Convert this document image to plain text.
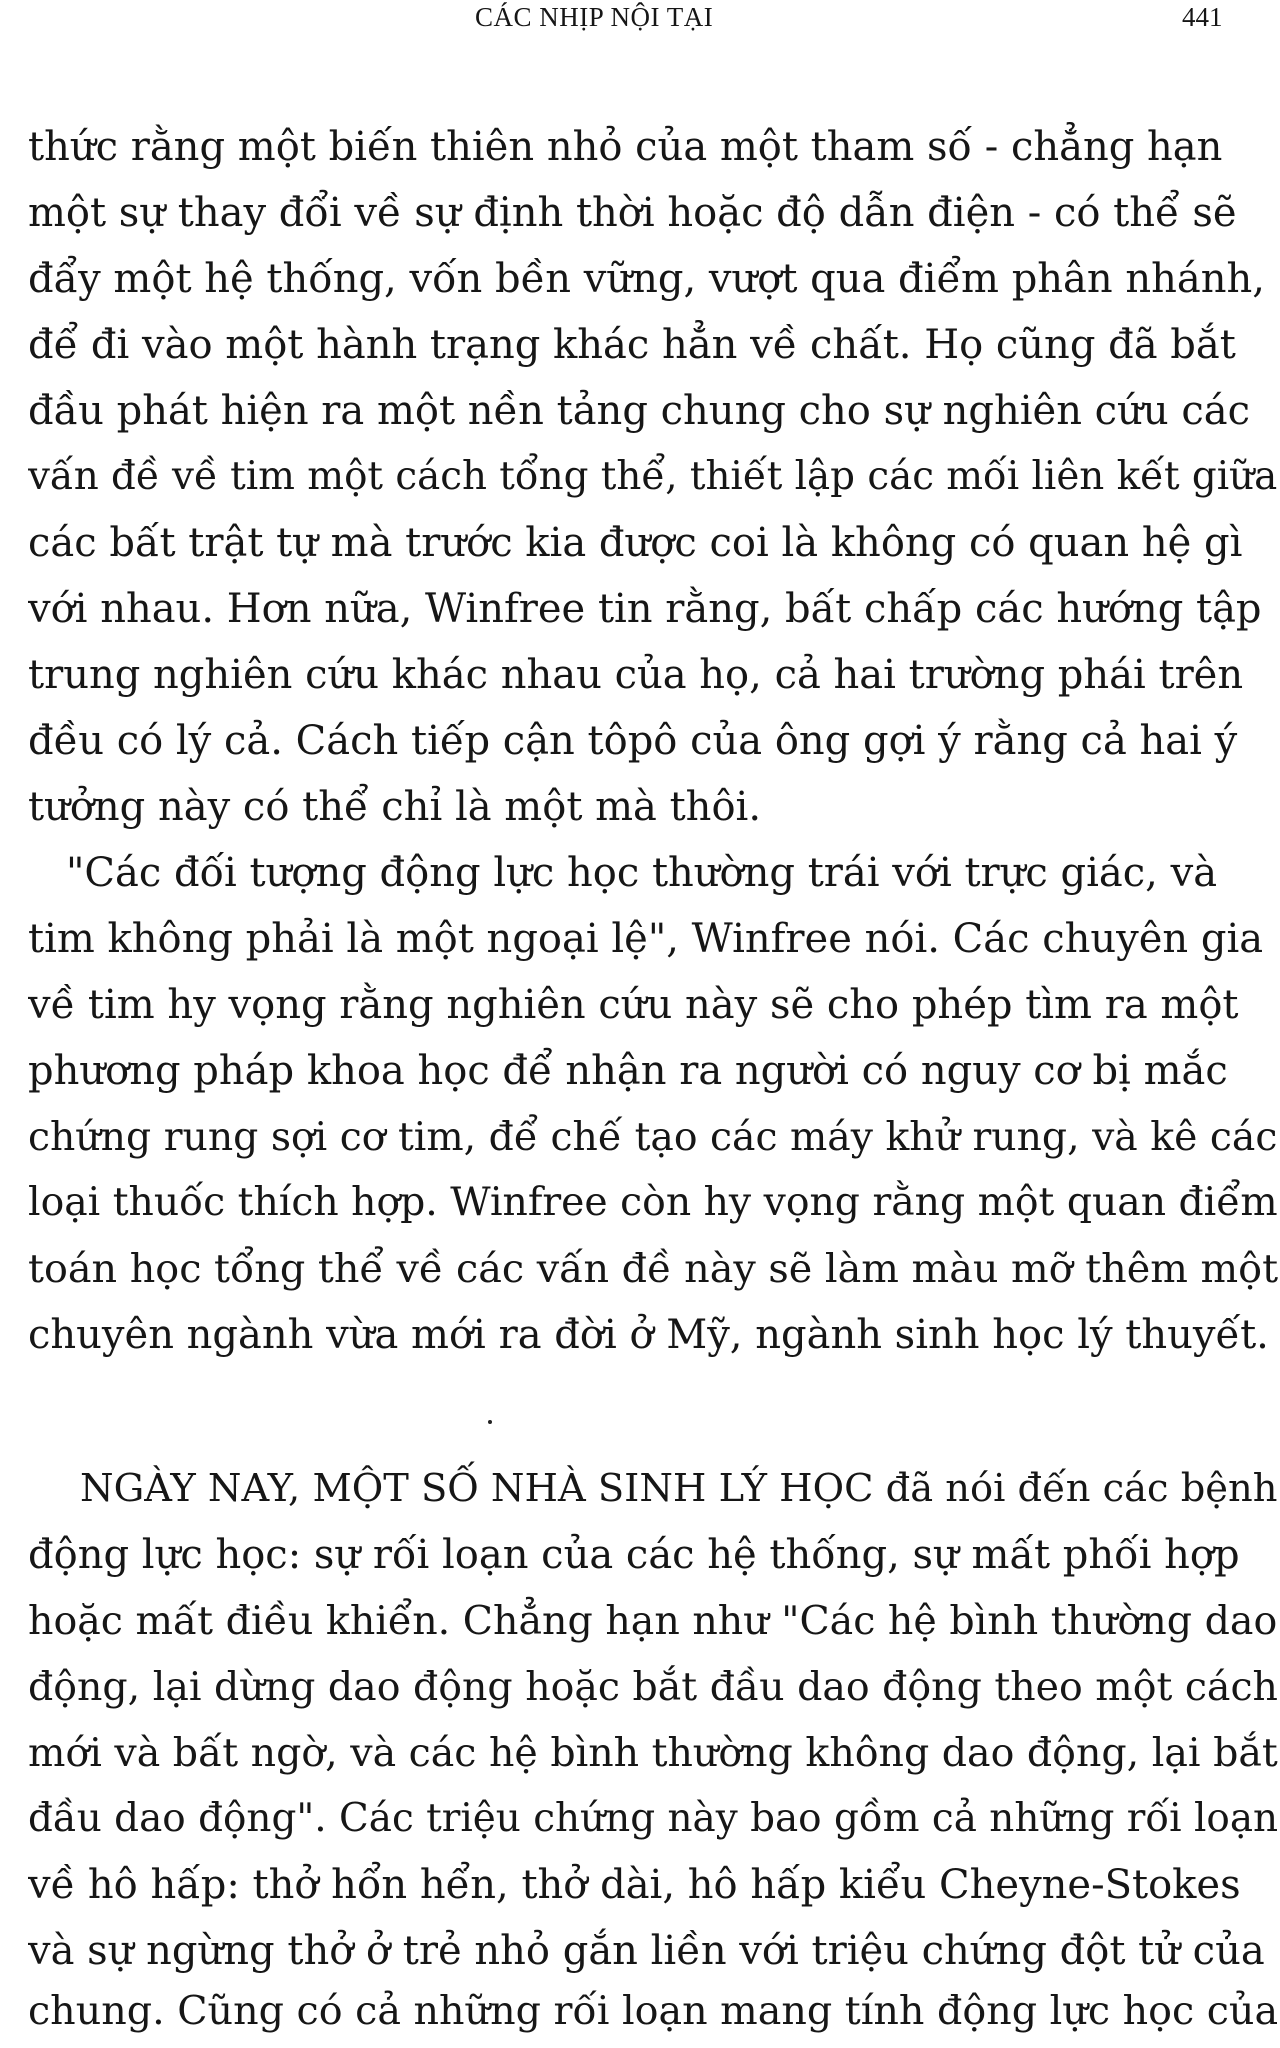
CÁC NHỊP NỘI TẠI	441
thức rằng một biến thiên nhỏ của một tham số - chẳng hạn
một sự thay đổi về sự định thời hoặc độ dẫn điện - có thể sẽ
đẩy một hệ thống, vốn bền vững, vượt qua điểm phân nhánh,
để đi vào một hành trạng khác hẳn về chất. Họ cũng đã bắt
đầu phát hiện ra một nền tảng chung cho sự nghiên cứu các
vấn đề về tim một cách tổng thể, thiết lập các mối liên kết giữa
các bất trật tự mà trước kia được coi là không có quan hệ gì
với nhau. Hơn nữa, Winfree tin rằng, bất chấp các hướng tập
trung nghiên cứu khác nhau của họ, cả hai trường phái trên
đều có lý cả. Cách tiếp cận tôpô của ông gợi ý rằng cả hai ý
tưởng này có thể chỉ là một mà thôi.
"Các đối tượng động lực học thường trái với trực giác, và
tim không phải là một ngoại lệ", Winfree nói. Các chuyên gia
về tim hy vọng rằng nghiên cứu này sẽ cho phép tìm ra một
phương pháp khoa học để nhận ra người có nguy cơ bị mắc
chứng rung sợi cơ tim, để chế tạo các máy khử rung, và kê các
loại thuốc thích hợp. Winfree còn hy vọng rằng một quan điểm
toán học tổng thể về các vấn đề này sẽ làm màu mỡ thêm một
chuyên ngành vừa mới ra đời ở Mỹ, ngành sinh học lý thuyết.
NGÀY NAY, MỘT SỐ NHÀ SINH LÝ HỌC đã nói đến các bệnh
động lực học: sự rối loạn của các hệ thống, sự mất phối hợp
hoặc mất điều khiển. Chẳng hạn như "Các hệ bình thường dao
động, lại dừng dao động hoặc bắt đầu dao động theo một cách
mới và bất ngờ, và các hệ bình thường không dao động, lại bắt
đầu dao động". Các triệu chứng này bao gồm cả những rối loạn
về hô hấp: thở hổn hển, thở dài, hô hấp kiểu Cheyne-Stokes
và sự ngừng thở ở trẻ nhỏ gắn liền với triệu chứng đột tử của
chung. Cũng có cả những rối loạn mang tính động lực học của
